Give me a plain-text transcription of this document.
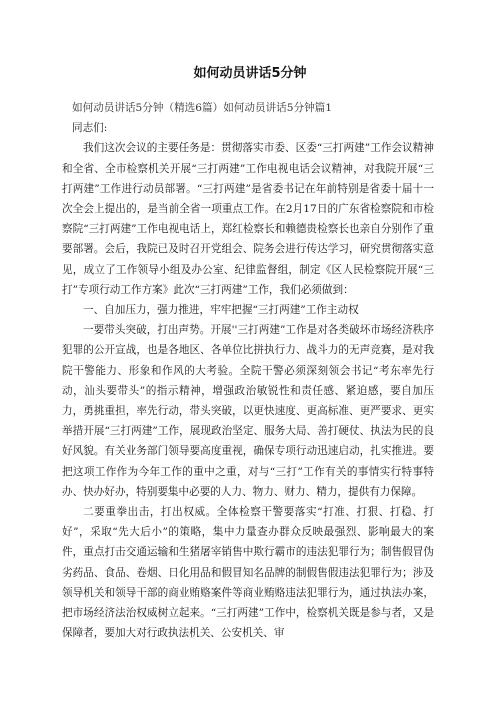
如何动员讲话5分钟

如何动员讲话5分钟（精选6篇）如何动员讲话5分钟篇1

同志们:

我们这次会议的主要任务是：贯彻落实市委、区委“三打两建”工作会议精神和全省、全市检察机关开展“三打两建”工作电视电话会议精神，对我院开展“三打两建”工作进行动员部署。“三打两建”是省委书记在年前特别是省委十届十一次全会上提出的，是当前全省一项重点工作。在2月17日的广东省检察院和市检察院“三打两建”工作电视电话上，郑红检察长和赖德贵检察长也亲自分别作了重要部署。会后，我院已及时召开党组会、院务会进行传达学习，研究贯彻落实意见，成立了工作领导小组及办公室、纪律监督组，制定《区人民检察院开展“三打”专项行动工作方案》此次“三打两建”工作，我们必须做到：

一、自加压力，强力推进，牢牢把握“三打两建”工作主动权

一要带头突破，打出声势。开展''三打两建”工作是对各类破坏市场经济秩序犯罪的公开宣战，也是各地区、各单位比拼执行力、战斗力的无声竞赛，是对我院干警能力、形象和作风的大考验。全院干警必须深刻领会书记“考东率先行动，汕头要带头”的指示精神，增强政治敏锐性和责任感、紧迫感，要自加压力，勇挑重担，率先行动，带头突破，以更快速度、更高标准、更严要求、更实举措开展“三打两建”工作，展现政治坚定、服务大局、善打硬仗、执法为民的良好风貌。有关业务部门领导要高度重视，确保专项行动迅速启动，扎实推进。要把这项工作作为今年工作的重中之重，对与“三打”工作有关的事情实行特事特办、快办好办，特别要集中必要的人力、物力、财力、精力，提供有力保障。

二要重拳出击，打出权威。全体检察干警要落实“打准、打狠、打稳、打好”，采取“先大后小”的策略，集中力量查办群众反映最强烈、影响最大的案件，重点打击交通运输和生猪屠宰销售中欺行霸市的违法犯罪行为；制售假冒伪劣药品、食品、卷烟、日化用品和假冒知名品牌的制假售假违法犯罪行为；涉及领导机关和领导干部的商业贿赂案件等商业贿赂违法犯罪行为，通过执法办案，把市场经济法治权威树立起来。“三打两建”工作中，检察机关既是参与者，又是保障者，要加大对行政执法机关、公安机关、审
